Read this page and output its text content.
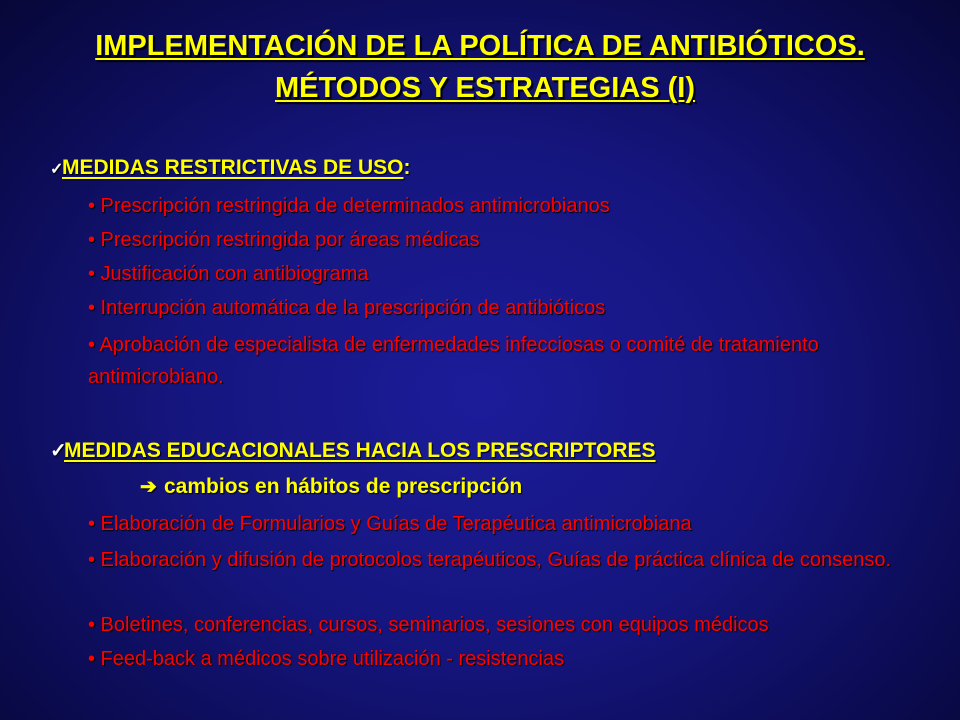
IMPLEMENTACIÓN DE LA POLÍTICA DE ANTIBIÓTICOS.
MÉTODOS Y ESTRATEGIAS (I)
✓MEDIDAS RESTRICTIVAS DE USO:
• Prescripción restringida de determinados antimicrobianos
• Prescripción restringida por áreas médicas
• Justificación con antibiograma
• Interrupción automática de la prescripción de antibióticos
• Aprobación de especialista de enfermedades infecciosas o comité de tratamiento antimicrobiano.
✓MEDIDAS EDUCACIONALES HACIA LOS PRESCRIPTORES
➔ cambios en hábitos de prescripción
• Elaboración de Formularios y Guías de Terapéutica antimicrobiana
• Elaboración y difusión de protocolos terapéuticos, Guías de práctica clínica de consenso.
• Boletines, conferencias, cursos, seminarios, sesiones con equipos médicos
• Feed-back a médicos sobre utilización - resistencias
